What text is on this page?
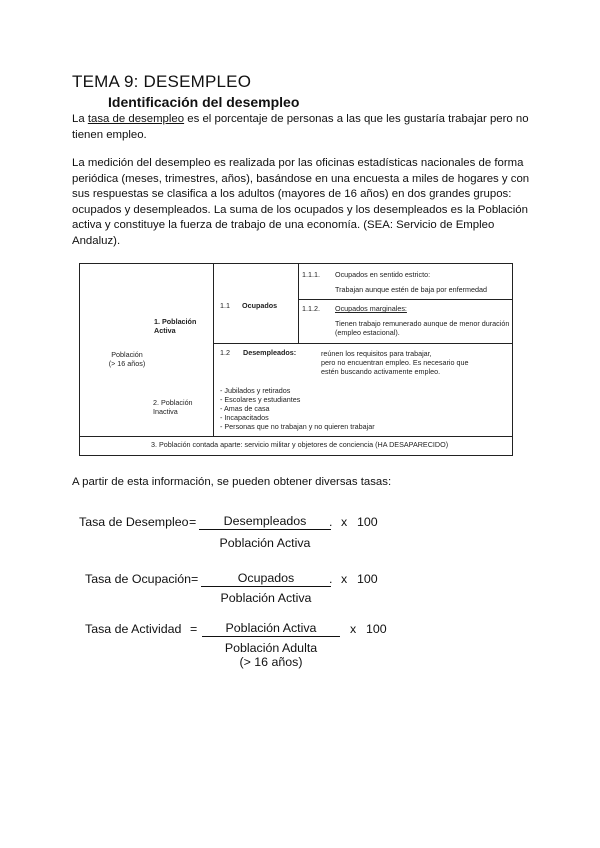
TEMA 9: DESEMPLEO
Identificación del desempleo
La tasa de desempleo es el porcentaje de personas a las que les gustaría trabajar pero no tienen empleo.
La medición del desempleo es realizada por las oficinas estadísticas nacionales de forma periódica (meses, trimestres, años), basándose en una encuesta a miles de hogares y con sus respuestas se clasifica a los adultos (mayores de 16 años) en dos grandes grupos: ocupados y desempleados. La suma de los ocupados y los desempleados es la Población activa y constituye la fuerza de trabajo de una economía. (SEA: Servicio de Empleo Andaluz).
Población
(> 16 años)
1. Población Activa
2. Población Inactiva
1.1 Ocupados
1.1.1. Ocupados en sentido estricto:
Trabajan aunque estén de baja por enfermedad
1.1.2. Ocupados marginales:
Tienen trabajo remunerado aunque de menor duración
(empleo estacional).
1.2 Desempleados:	reúnen los requisitos para trabajar,
pero no encuentran empleo. Es necesario que
estén buscando activamente empleo.
- Jubilados y retirados
- Escolares y estudiantes
- Amas de casa
- Incapacitados
- Personas que no trabajan y no quieren trabajar
3. Población contada aparte: servicio militar y objetores de conciencia (HA DESAPARECIDO)
A partir de esta información, se pueden obtener diversas tasas:
Tasa de Desempleo =	Desempleados	. x 100
Población Activa
Tasa de Ocupación =	Ocupados	. x 100
Población Activa
Tasa de Actividad =	Población Activa	x 100
Población Adulta
(> 16 años)
